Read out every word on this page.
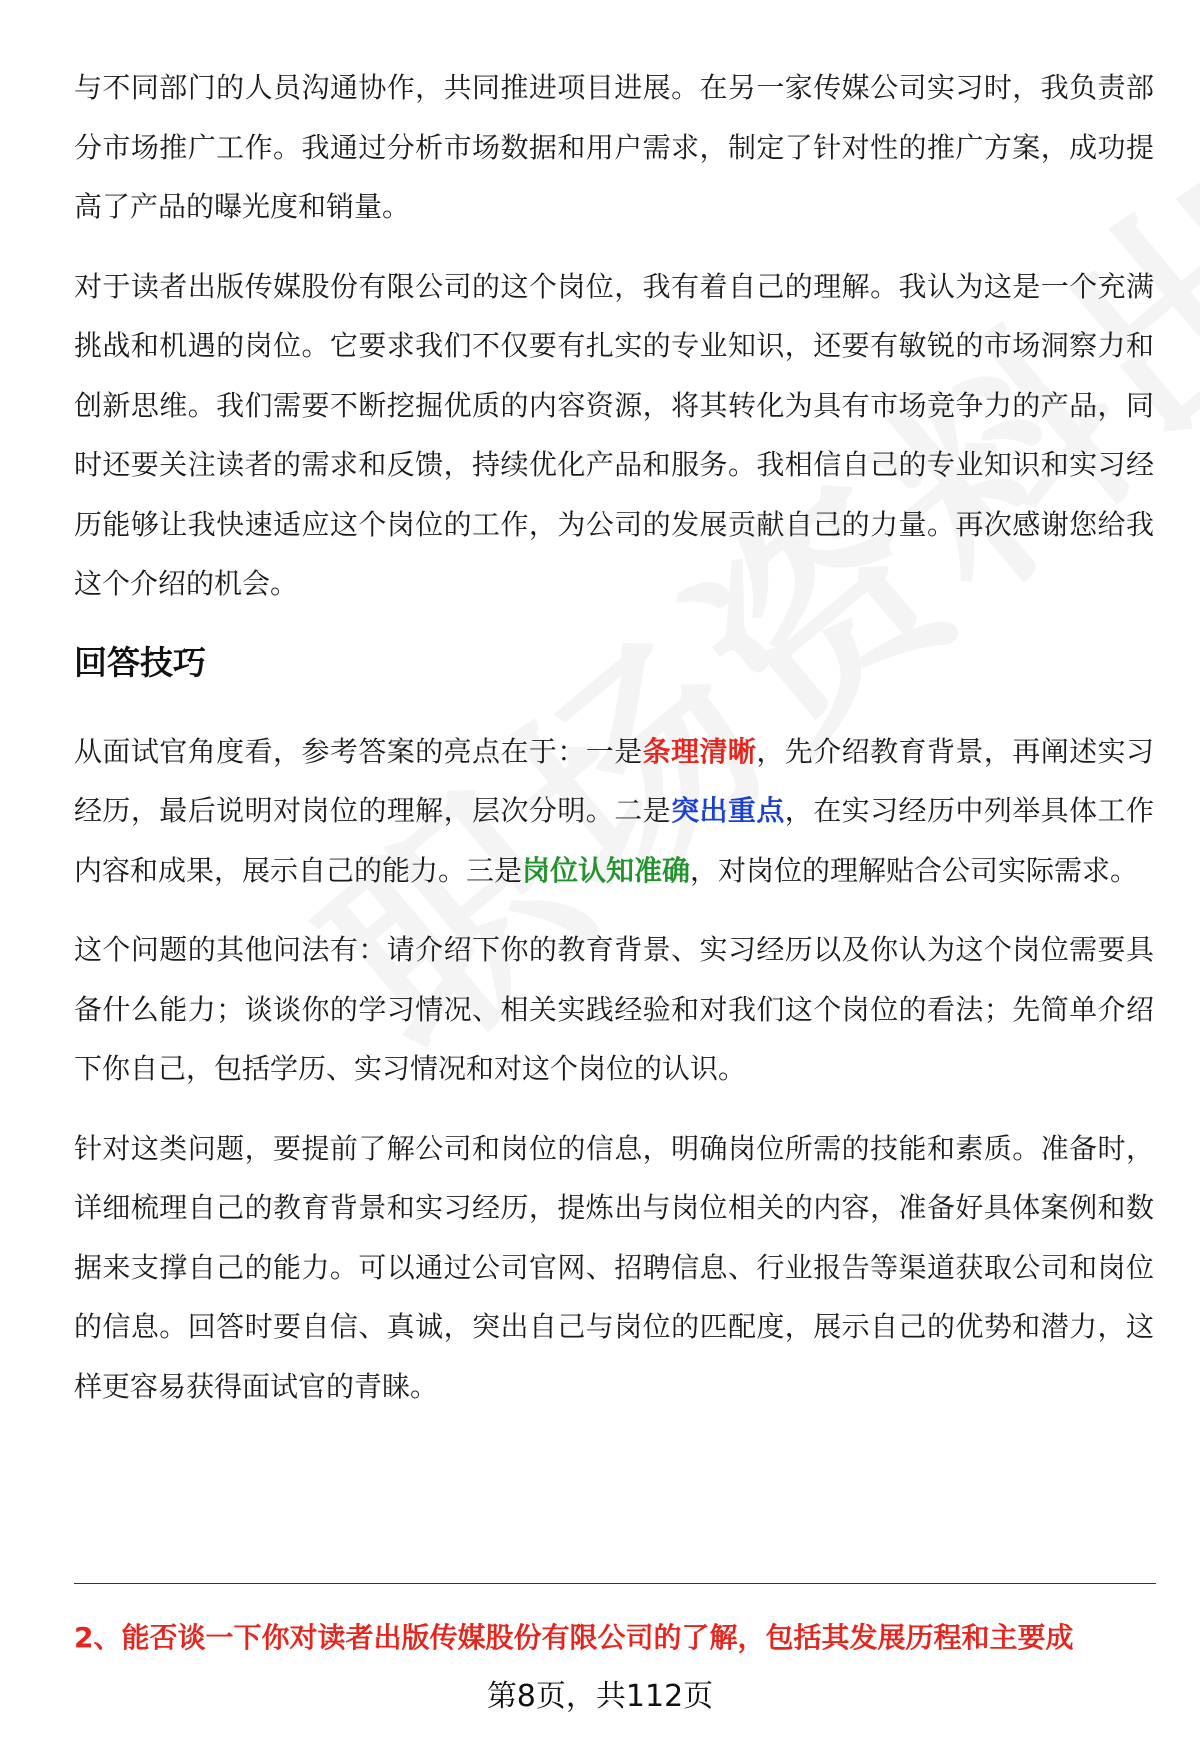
与不同部门的人员沟通协作，共同推进项目进展。在另一家传媒公司实习时，我负责部分市场推广工作。我通过分析市场数据和用户需求，制定了针对性的推广方案，成功提高了产品的曝光度和销量。

对于读者出版传媒股份有限公司的这个岗位，我有着自己的理解。我认为这是一个充满挑战和机遇的岗位。它要求我们不仅要有扎实的专业知识，还要有敏锐的市场洞察力和创新思维。我们需要不断挖掘优质的内容资源，将其转化为具有市场竞争力的产品，同时还要关注读者的需求和反馈，持续优化产品和服务。我相信自己的专业知识和实习经历能够让我快速适应这个岗位的工作，为公司的发展贡献自己的力量。再次感谢您给我这个介绍的机会。

回答技巧

从面试官角度看，参考答案的亮点在于：一是条理清晰，先介绍教育背景，再阐述实习经历，最后说明对岗位的理解，层次分明。二是突出重点，在实习经历中列举具体工作内容和成果，展示自己的能力。三是岗位认知准确，对岗位的理解贴合公司实际需求。

这个问题的其他问法有：请介绍下你的教育背景、实习经历以及你认为这个岗位需要具备什么能力；谈谈你的学习情况、相关实践经验和对我们这个岗位的看法；先简单介绍下你自己，包括学历、实习情况和对这个岗位的认识。

针对这类问题，要提前了解公司和岗位的信息，明确岗位所需的技能和素质。准备时，详细梳理自己的教育背景和实习经历，提炼出与岗位相关的内容，准备好具体案例和数据来支撑自己的能力。可以通过公司官网、招聘信息、行业报告等渠道获取公司和岗位的信息。回答时要自信、真诚，突出自己与岗位的匹配度，展示自己的优势和潜力，这样更容易获得面试官的青睐。

2、能否谈一下你对读者出版传媒股份有限公司的了解，包括其发展历程和主要成

第8页，共112页
